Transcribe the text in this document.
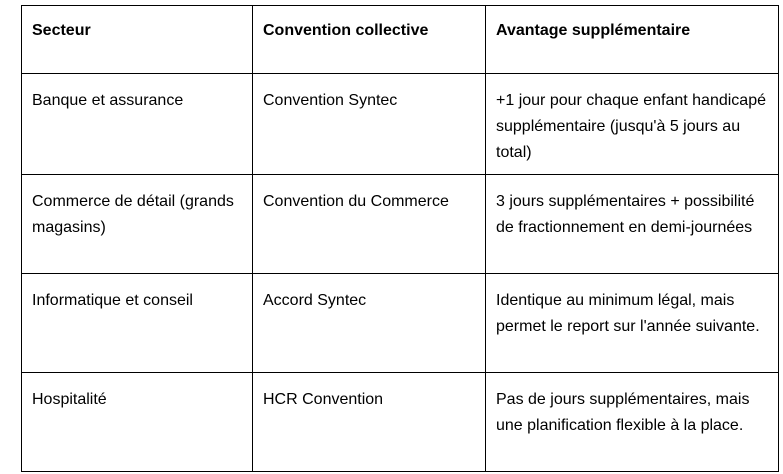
Secteur	Convention collective	Avantage supplémentaire
Banque et assurance	Convention Syntec	+1 jour pour chaque enfant handicapé supplémentaire (jusqu'à 5 jours au total)
Commerce de détail (grands magasins)	Convention du Commerce	3 jours supplémentaires + possibilité de fractionnement en demi-journées
Informatique et conseil	Accord Syntec	Identique au minimum légal, mais permet le report sur l'année suivante.
Hospitalité	HCR Convention	Pas de jours supplémentaires, mais une planification flexible à la place.
